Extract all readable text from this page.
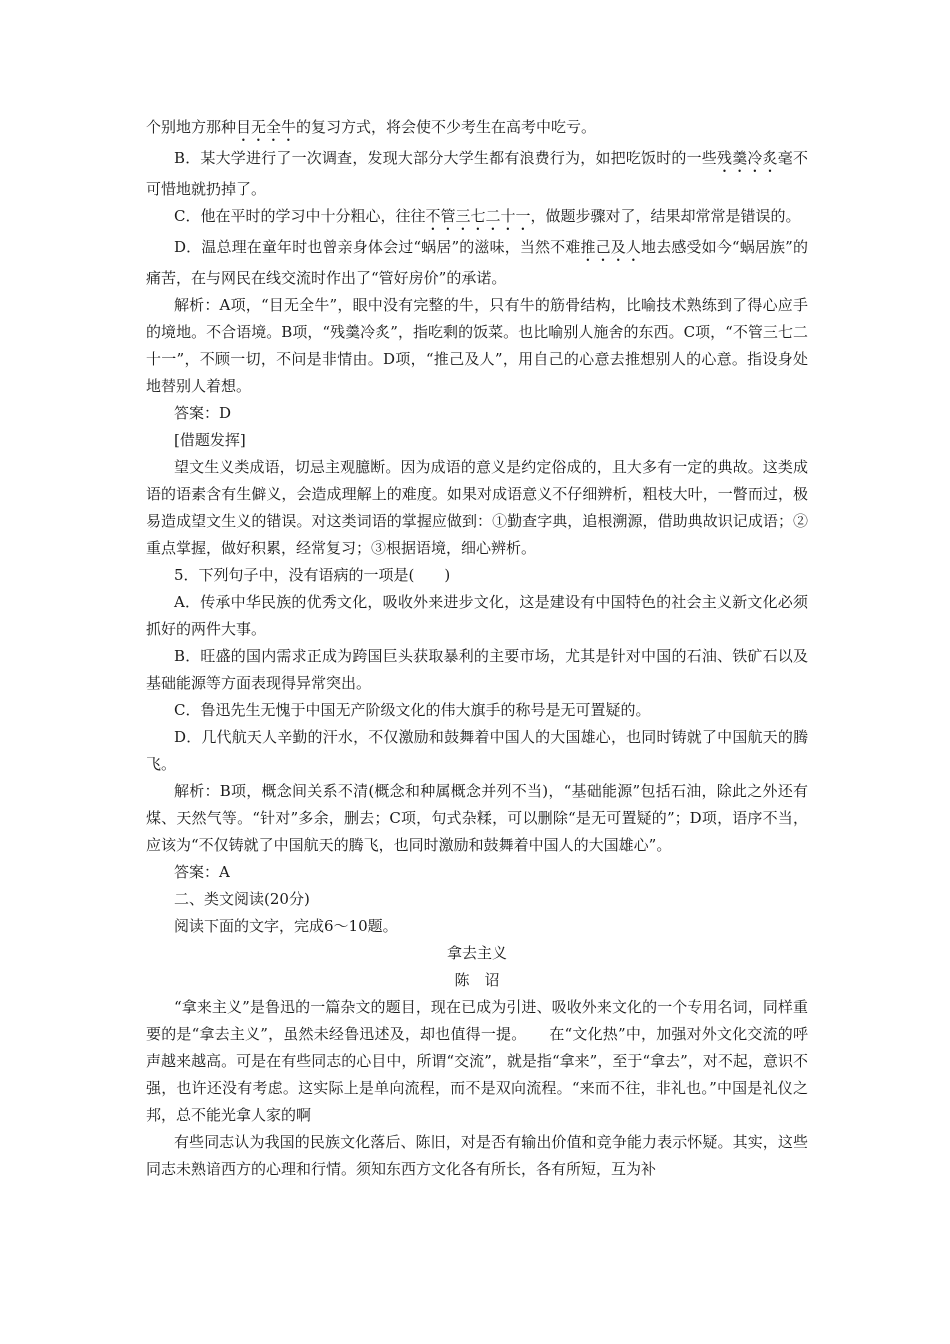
个别地方那种目无全牛的复习方式，将会使不少考生在高考中吃亏。

B．某大学进行了一次调查，发现大部分大学生都有浪费行为，如把吃饭时的一些残羹冷炙毫不可惜地就扔掉了。

C．他在平时的学习中十分粗心，往往不管三七二十一，做题步骤对了，结果却常常是错误的。

D．温总理在童年时也曾亲身体会过“蜗居”的滋味，当然不难推己及人地去感受如今“蜗居族”的痛苦，在与网民在线交流时作出了“管好房价”的承诺。

解析：A项，“目无全牛”，眼中没有完整的牛，只有牛的筋骨结构，比喻技术熟练到了得心应手的境地。不合语境。B项，“残羹冷炙”，指吃剩的饭菜。也比喻别人施舍的东西。C项，“不管三七二十一”，不顾一切，不问是非情由。D项，“推己及人”，用自己的心意去推想别人的心意。指设身处地替别人着想。

答案：D

[借题发挥]

望文生义类成语，切忌主观臆断。因为成语的意义是约定俗成的，且大多有一定的典故。这类成语的语素含有生僻义，会造成理解上的难度。如果对成语意义不仔细辨析，粗枝大叶，一瞥而过，极易造成望文生义的错误。对这类词语的掌握应做到：①勤查字典，追根溯源，借助典故识记成语；②重点掌握，做好积累，经常复习；③根据语境，细心辨析。

5．下列句子中，没有语病的一项是(　　)

A．传承中华民族的优秀文化，吸收外来进步文化，这是建设有中国特色的社会主义新文化必须抓好的两件大事。

B．旺盛的国内需求正成为跨国巨头获取暴利的主要市场，尤其是针对中国的石油、铁矿石以及基础能源等方面表现得异常突出。

C．鲁迅先生无愧于中国无产阶级文化的伟大旗手的称号是无可置疑的。

D．几代航天人辛勤的汗水，不仅激励和鼓舞着中国人的大国雄心，也同时铸就了中国航天的腾飞。

解析：B项，概念间关系不清(概念和种属概念并列不当)，“基础能源”包括石油，除此之外还有煤、天然气等。“针对”多余，删去；C项，句式杂糅，可以删除“是无可置疑的”；D项，语序不当，应该为“不仅铸就了中国航天的腾飞，也同时激励和鼓舞着中国人的大国雄心”。

答案：A

二、类文阅读(20分)

阅读下面的文字，完成6～10题。

拿去主义

陈　诏

“拿来主义”是鲁迅的一篇杂文的题目，现在已成为引进、吸收外来文化的一个专用名词，同样重要的是“拿去主义”，虽然未经鲁迅述及，却也值得一提。　　在“文化热”中，加强对外文化交流的呼声越来越高。可是在有些同志的心目中，所谓“交流”，就是指“拿来”，至于“拿去”，对不起，意识不强，也许还没有考虑。这实际上是单向流程，而不是双向流程。“来而不往，非礼也。”中国是礼仪之邦，总不能光拿人家的啊

有些同志认为我国的民族文化落后、陈旧，对是否有输出价值和竞争能力表示怀疑。其实，这些同志未熟谙西方的心理和行情。须知东西方文化各有所长，各有所短，互为补
